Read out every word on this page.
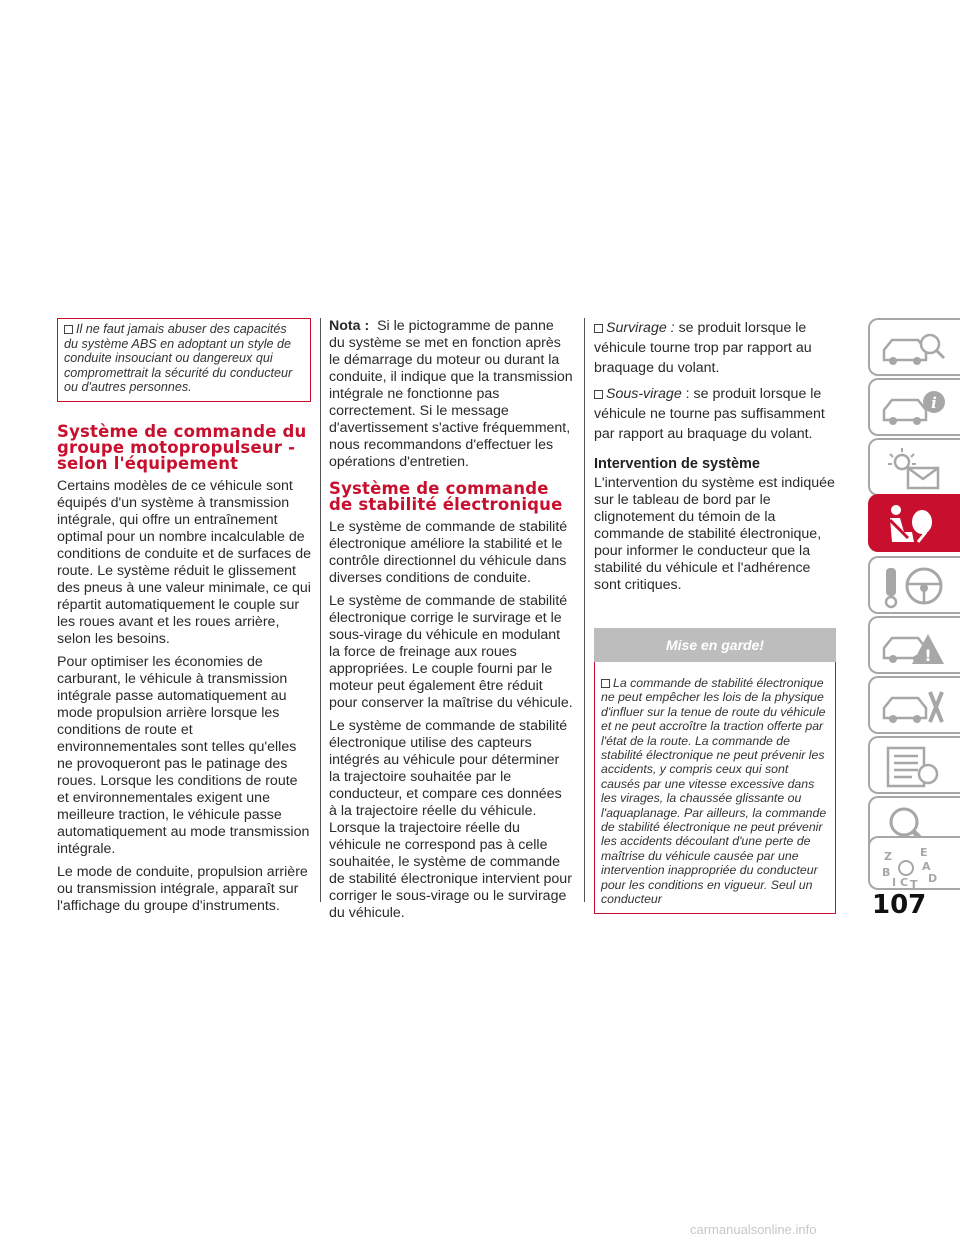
Il ne faut jamais abuser des capacités du système ABS en adoptant un style de conduite insouciant ou dangereux qui compromettrait la sécurité du conducteur ou d'autres personnes.
Système de commande du groupe motopropulseur - selon l'équipement

Certains modèles de ce véhicule sont équipés d'un système à transmission intégrale, qui offre un entraînement optimal pour un nombre incalculable de conditions de conduite et de surfaces de route. Le système réduit le glissement des pneus à une valeur minimale, ce qui répartit automatiquement le couple sur les roues avant et les roues arrière, selon les besoins.

Pour optimiser les économies de carburant, le véhicule à transmission intégrale passe automatiquement au mode propulsion arrière lorsque les conditions de route et environnementales sont telles qu'elles ne provoqueront pas le patinage des roues. Lorsque les conditions de route et environnementales exigent une meilleure traction, le véhicule passe automatiquement au mode transmission intégrale.

Le mode de conduite, propulsion arrière ou transmission intégrale, apparaît sur l'affichage du groupe d'instruments.

Nota : Si le pictogramme de panne du système se met en fonction après le démarrage du moteur ou durant la conduite, il indique que la transmission intégrale ne fonctionne pas correctement. Si le message d'avertissement s'active fréquemment, nous recommandons d'effectuer les opérations d'entretien.

Système de commande de stabilité électronique

Le système de commande de stabilité électronique améliore la stabilité et le contrôle directionnel du véhicule dans diverses conditions de conduite.

Le système de commande de stabilité électronique corrige le survirage et le sous-virage du véhicule en modulant la force de freinage aux roues appropriées. Le couple fourni par le moteur peut également être réduit pour conserver la maîtrise du véhicule.

Le système de commande de stabilité électronique utilise des capteurs intégrés au véhicule pour déterminer la trajectoire souhaitée par le conducteur, et compare ces données à la trajectoire réelle du véhicule. Lorsque la trajectoire réelle du véhicule ne correspond pas à celle souhaitée, le système de commande de stabilité électronique intervient pour corriger le sous-virage ou le survirage du véhicule.

Survirage : se produit lorsque le véhicule tourne trop par rapport au braquage du volant.

Sous-virage : se produit lorsque le véhicule ne tourne pas suffisamment par rapport au braquage du volant.

Intervention de système

L'intervention du système est indiquée sur le tableau de bord par le clignotement du témoin de la commande de stabilité électronique, pour informer le conducteur que la stabilité du véhicule et l'adhérence sont critiques.

Mise en garde!
La commande de stabilité électronique ne peut empêcher les lois de la physique d'influer sur la tenue de route du véhicule et ne peut accroître la traction offerte par l'état de la route. La commande de stabilité électronique ne peut prévenir les accidents, y compris ceux qui sont causés par une vitesse excessive dans les virages, la chaussée glissante ou l'aquaplanage. Par ailleurs, la commande de stabilité électronique ne peut prévenir les accidents découlant d'une perte de maîtrise du véhicule causée par une intervention inappropriée du conducteur pour les conditions en vigueur. Seul un conducteur
i
!
Z	E
B
I C T
A
D
107
carmanualsonline.info
